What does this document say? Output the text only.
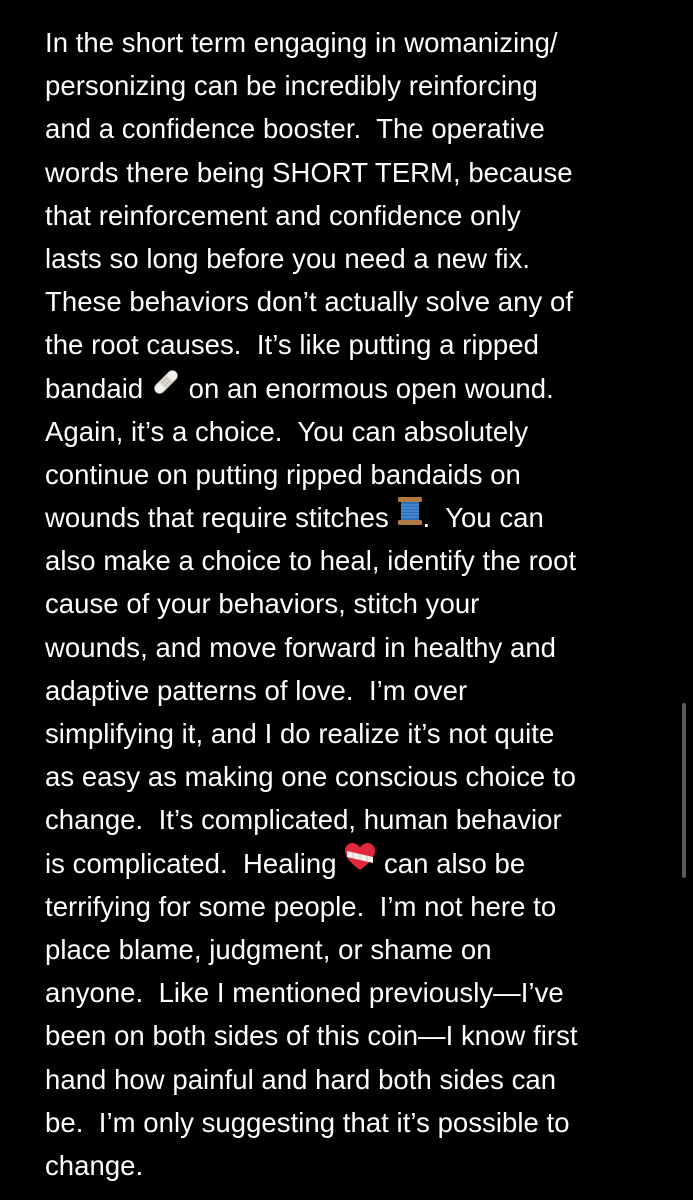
In the short term engaging in womanizing/
personizing can be incredibly reinforcing
and a confidence booster.  The operative
words there being SHORT TERM, because
that reinforcement and confidence only
lasts so long before you need a new fix.
These behaviors don’t actually solve any of
the root causes.  It’s like putting a ripped
bandaid  on an enormous open wound.
Again, it’s a choice.  You can absolutely
continue on putting ripped bandaids on
wounds that require stitches .  You can
also make a choice to heal, identify the root
cause of your behaviors, stitch your
wounds, and move forward in healthy and
adaptive patterns of love.  I’m over
simplifying it, and I do realize it’s not quite
as easy as making one conscious choice to
change.  It’s complicated, human behavior
is complicated.  Healing  can also be
terrifying for some people.  I’m not here to
place blame, judgment, or shame on
anyone.  Like I mentioned previously—I’ve
been on both sides of this coin—I know first
hand how painful and hard both sides can
be.  I’m only suggesting that it’s possible to
change.
